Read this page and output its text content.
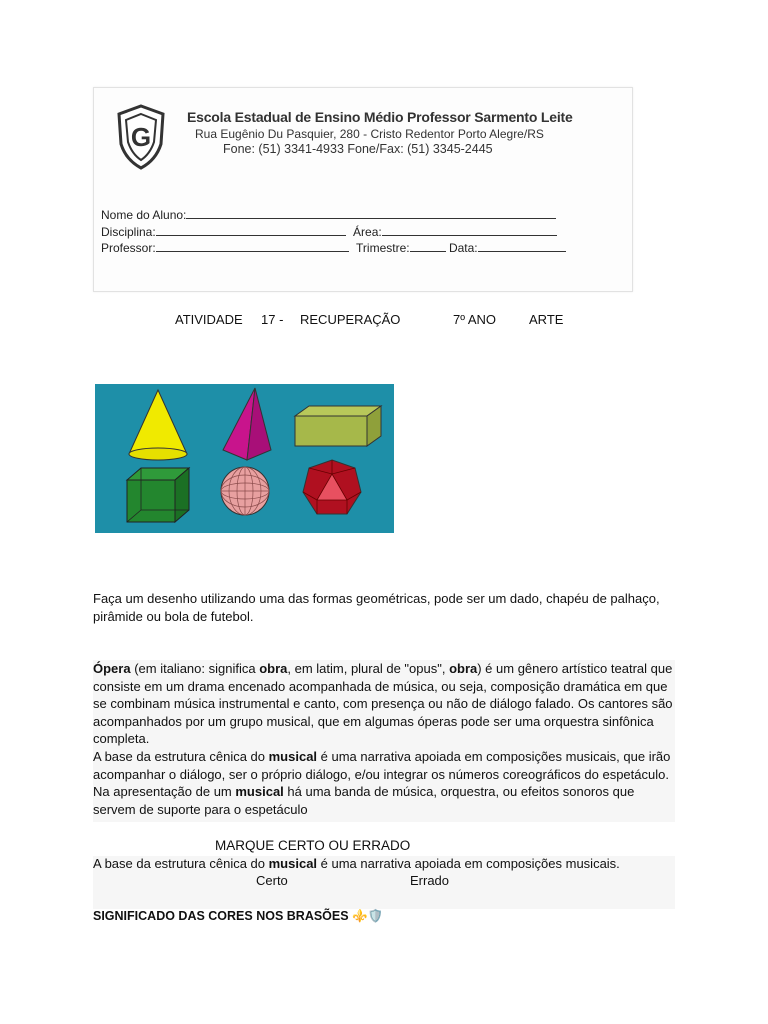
G
Escola Estadual de Ensino Médio Professor Sarmento Leite
Rua Eugênio Du Pasquier, 280 - Cristo Redentor Porto Alegre/RS
Fone: (51) 3341-4933 Fone/Fax: (51) 3345-2445
Nome do Aluno:
Disciplina:	Área:
Professor:	Trimestre:	Data:
ATIVIDADE 17 - RECUPERAÇÃO	7º ANO	ARTE
Faça um desenho utilizando uma das formas geométricas, pode ser um dado, chapéu de palhaço, pirâmide ou bola de futebol.

Ópera (em italiano: significa obra, em latim, plural de "opus", obra) é um gênero artístico teatral que consiste em um drama encenado acompanhada de música, ou seja, composição dramática em que se combinam música instrumental e canto, com presença ou não de diálogo falado. Os cantores são acompanhados por um grupo musical, que em algumas óperas pode ser uma orquestra sinfônica completa.

A base da estrutura cênica do musical é uma narrativa apoiada em composições musicais, que irão acompanhar o diálogo, ser o próprio diálogo, e/ou integrar os números coreográficos do espetáculo. Na apresentação de um musical há uma banda de música, orquestra, ou efeitos sonoros que servem de suporte para o espetáculo

MARQUE CERTO OU ERRADO
A base da estrutura cênica do musical é uma narrativa apoiada em composições musicais.
Certo	Errado
SIGNIFICADO DAS CORES NOS BRASÕES ⚜️🛡️
